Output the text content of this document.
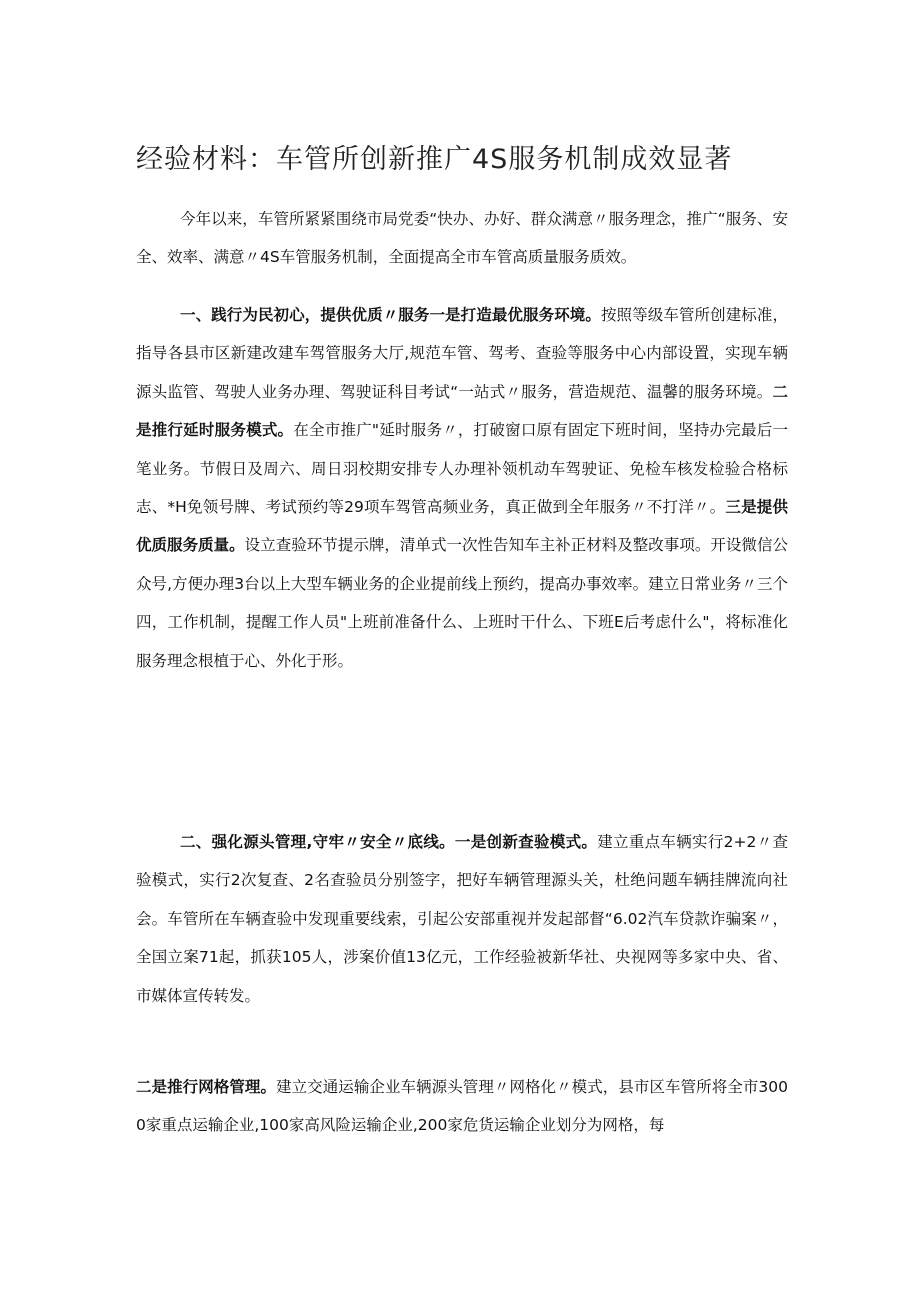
经验材料：车管所创新推广4S服务机制成效显著

今年以来，车管所紧紧围绕市局党委“快办、办好、群众满意〃服务理念，推广“服务、安全、效率、满意〃4S车管服务机制，全面提高全市车管高质量服务质效。

一、践行为民初心，提供优质〃服务一是打造最优服务环境。按照等级车管所创建标准，指导各县市区新建改建车驾管服务大厅,规范车管、驾考、查验等服务中心内部设置，实现车辆源头监管、驾驶人业务办理、驾驶证科目考试“一站式〃服务，营造规范、温馨的服务环境。二是推行延时服务模式。在全市推广"延时服务〃，打破窗口原有固定下班时间，坚持办完最后一笔业务。节假日及周六、周日羽校期安排专人办理补领机动车驾驶证、免检车核发检验合格标志、*H免领号牌、考试预约等29项车驾管高频业务，真正做到全年服务〃不打洋〃。三是提供优质服务质量。设立查验环节提示牌，清单式一次性告知车主补正材料及整改事项。开设微信公众号,方便办理3台以上大型车辆业务的企业提前线上预约，提高办事效率。建立日常业务〃三个四，工作机制，提醒工作人员"上班前准备什么、上班时干什么、下班E后考虑什么"，将标准化服务理念根植于心、外化于形。

二、强化源头管理,守牢〃安全〃底线。一是创新查验模式。建立重点车辆实行2+2〃查验模式，实行2次复查、2名查验员分别签字，把好车辆管理源头关，杜绝问题车辆挂牌流向社会。车管所在车辆查验中发现重要线索，引起公安部重视并发起部督“6.02汽车贷款诈骗案〃，全国立案71起，抓获105人，涉案价值13亿元，工作经验被新华社、央视网等多家中央、省、市媒体宣传转发。

二是推行网格管理。建立交通运输企业车辆源头管理〃网格化〃模式，县市区车管所将全市3000家重点运输企业,100家高风险运输企业,200家危货运输企业划分为网格，每
